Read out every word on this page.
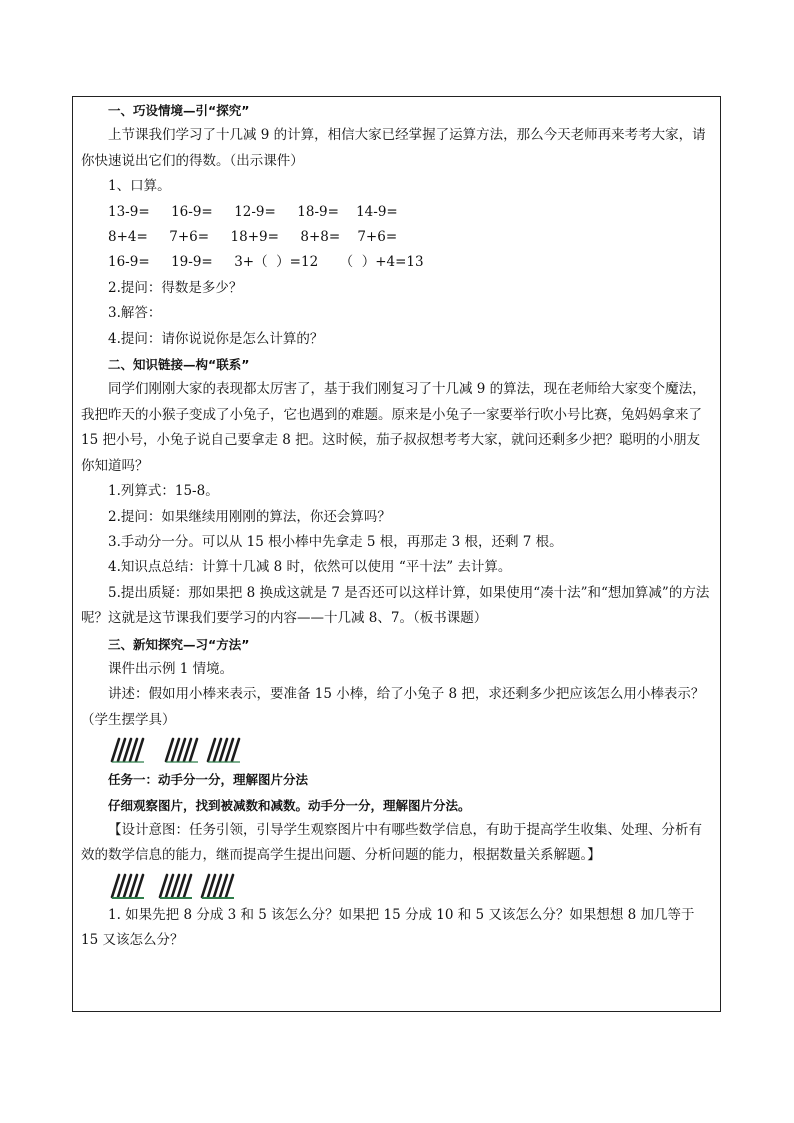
一、巧设情境—引“探究”

上节课我们学习了十几减 9 的计算，相信大家已经掌握了运算方法，那么今天老师再来考考大家，请你快速说出它们的得数。（出示课件）

1、口算。

13-9=     16-9=     12-9=     18-9=    14-9=

8+4=     7+6=     18+9=     8+8=    7+6=

16-9=     19-9=     3+（  ）=12     （  ）+4=13

2.提问：得数是多少？

3.解答：

4.提问：请你说说你是怎么计算的？

二、知识链接—构“联系”

同学们刚刚大家的表现都太厉害了，基于我们刚复习了十几减 9 的算法，现在老师给大家变个魔法，我把昨天的小猴子变成了小兔子，它也遇到的难题。原来是小兔子一家要举行吹小号比赛，兔妈妈拿来了 15 把小号，小兔子说自己要拿走 8 把。这时候，茄子叔叔想考考大家，就问还剩多少把？聪明的小朋友你知道吗？

1.列算式：15-8。

2.提问：如果继续用刚刚的算法，你还会算吗？

3.手动分一分。可以从 15 根小棒中先拿走 5 根，再那走 3 根，还剩 7 根。

4.知识点总结：计算十几减 8 时，依然可以使用 “平十法” 去计算。

5.提出质疑：那如果把 8 换成这就是 7 是否还可以这样计算，如果使用“凑十法”和“想加算减”的方法呢？这就是这节课我们要学习的内容——十几减 8、7。（板书课题）

三、新知探究—习“方法”

课件出示例 1 情境。

讲述：假如用小棒来表示，要准备 15 小棒，给了小兔子 8 把，求还剩多少把应该怎么用小棒表示？（学生摆学具）

任务一：动手分一分，理解图片分法

仔细观察图片，找到被减数和减数。动手分一分，理解图片分法。

【设计意图：任务引领，引导学生观察图片中有哪些数学信息，有助于提高学生收集、处理、分析有效的数学信息的能力，继而提高学生提出问题、分析问题的能力，根据数量关系解题。】

1. 如果先把 8 分成 3 和 5 该怎么分？如果把 15 分成 10 和 5 又该怎么分？如果想想 8 加几等于 15 又该怎么分？
